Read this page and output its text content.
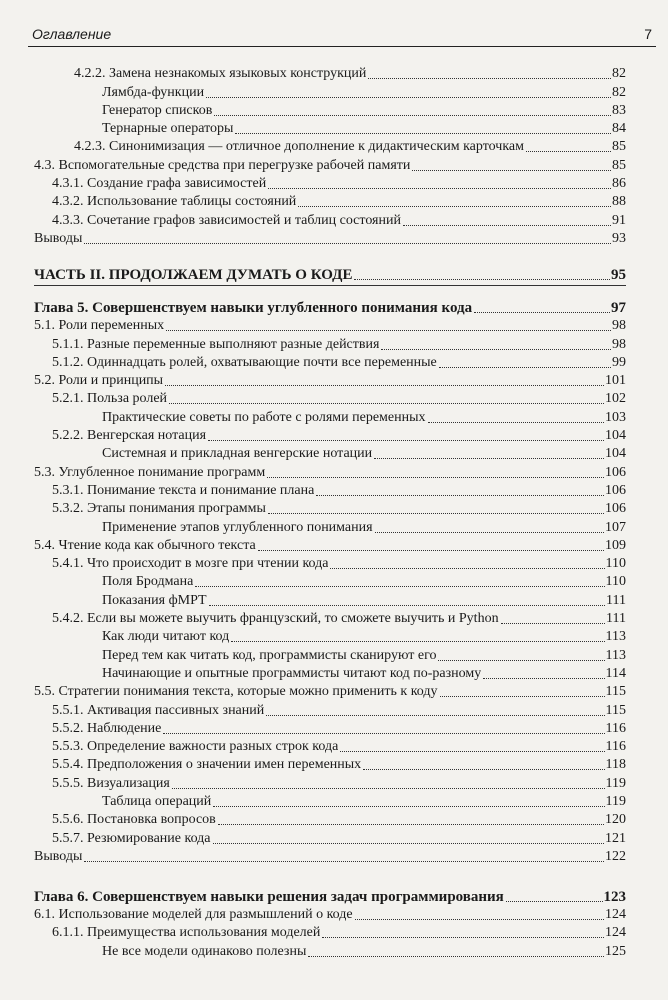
Оглавление	7
4.2.2. Замена незнакомых языковых конструкций	82
Лямбда-функции	82
Генератор списков	83
Тернарные операторы	84
4.2.3. Синонимизация — отличное дополнение к дидактическим карточкам	85
4.3. Вспомогательные средства при перегрузке рабочей памяти	85
4.3.1. Создание графа зависимостей	86
4.3.2. Использование таблицы состояний	88
4.3.3. Сочетание графов зависимостей и таблиц состояний	91
Выводы	93
ЧАСТЬ II. ПРОДОЛЖАЕМ ДУМАТЬ О КОДЕ	95
Глава 5. Совершенствуем навыки углубленного понимания кода	97
5.1. Роли переменных	98
5.1.1. Разные переменные выполняют разные действия	98
5.1.2. Одиннадцать ролей, охватывающие почти все переменные	99
5.2. Роли и принципы	101
5.2.1. Польза ролей	102
Практические советы по работе с ролями переменных	103
5.2.2. Венгерская нотация	104
Системная и прикладная венгерские нотации	104
5.3. Углубленное понимание программ	106
5.3.1. Понимание текста и понимание плана	106
5.3.2. Этапы понимания программы	106
Применение этапов углубленного понимания	107
5.4. Чтение кода как обычного текста	109
5.4.1. Что происходит в мозге при чтении кода	110
Поля Бродмана	110
Показания фМРТ	111
5.4.2. Если вы можете выучить французский, то сможете выучить и Python	111
Как люди читают код	113
Перед тем как читать код, программисты сканируют его	113
Начинающие и опытные программисты читают код по-разному	114
5.5. Стратегии понимания текста, которые можно применить к коду	115
5.5.1. Активация пассивных знаний	115
5.5.2. Наблюдение	116
5.5.3. Определение важности разных строк кода	116
5.5.4. Предположения о значении имен переменных	118
5.5.5. Визуализация	119
Таблица операций	119
5.5.6. Постановка вопросов	120
5.5.7. Резюмирование кода	121
Выводы	122
Глава 6. Совершенствуем навыки решения задач программирования	123
6.1. Использование моделей для размышлений о коде	124
6.1.1. Преимущества использования моделей	124
Не все модели одинаково полезны	125
